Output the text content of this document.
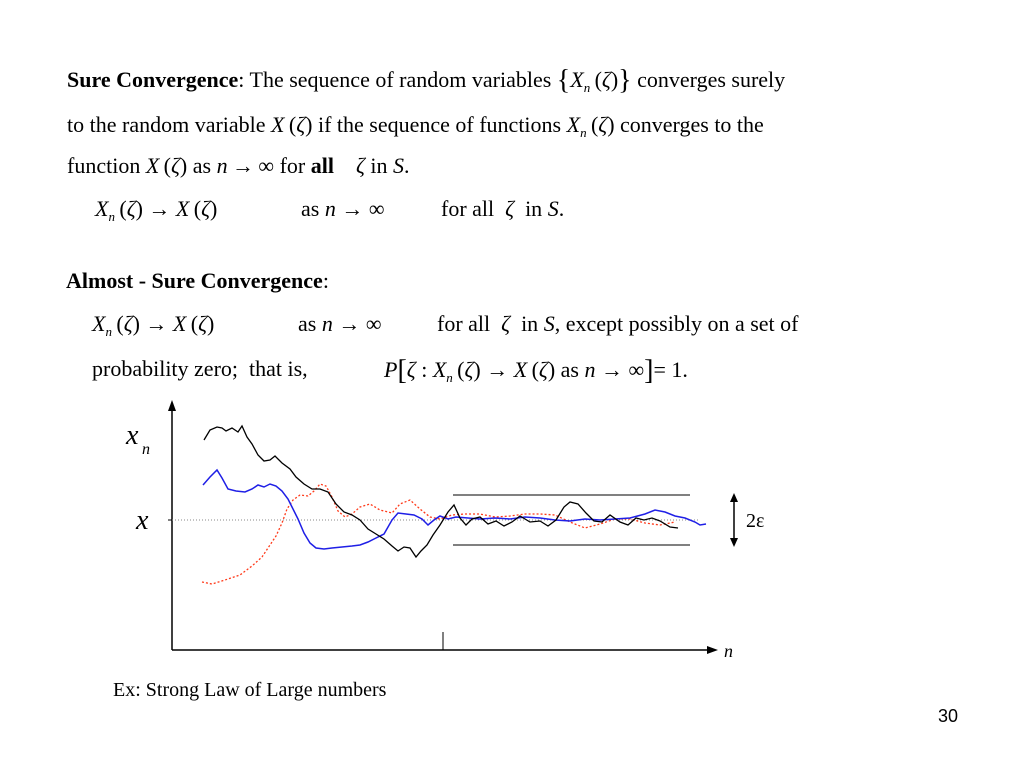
Sure Convergence: The sequence of random variables {$X_n$ (ζ)} converges surely
to the random variable X (ζ) if the sequence of functions $X_n$ (ζ) converges to the
function X (ζ) as n  →  ∞ for all  ζ in S.
$X_n$ (ζ) → X (ζ)	as n → ∞	for all  ζ  in S.
Almost - Sure Convergence:
$X_n$ (ζ) → X (ζ)	as n → ∞	for all  ζ  in S, except possibly on a set of
probability zero;  that is,	P[ζ : $X_n$ (ζ) → X (ζ) as n → ∞]= 1.
x n
x
n
2ε
Ex: Strong Law of Large numbers
30
